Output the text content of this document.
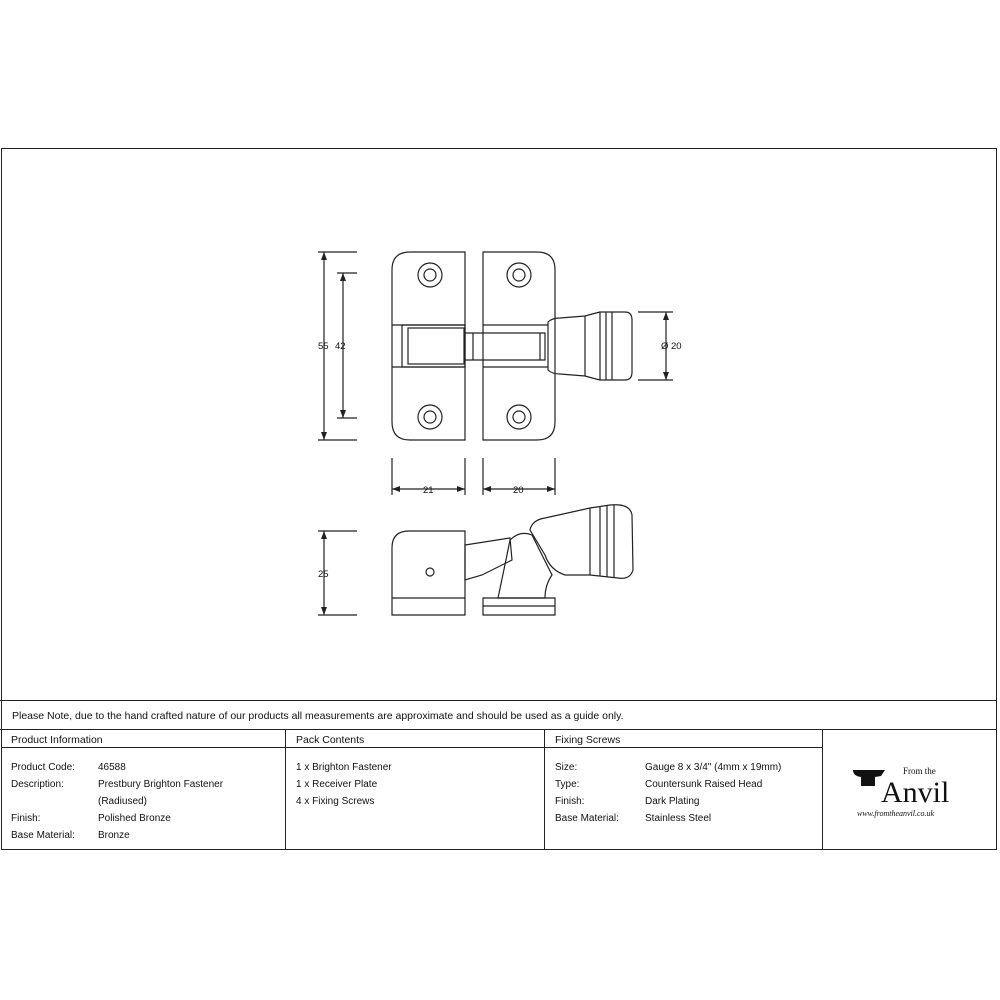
55 42	Ø 20
21	20
25
Please Note, due to the hand crafted nature of our products all measurements are approximate and should be used as a guide only.
Product Information
Product Code:	46588
Description:	Prestbury Brighton Fastener
(Radiused)
Finish:	Polished Bronze
Base Material:	Bronze
Pack Contents
1 x Brighton Fastener
1 x Receiver Plate
4 x Fixing Screws
Fixing Screws
Size:	Gauge 8 x 3/4" (4mm x 19mm)
Type:	Countersunk Raised Head
Finish:	Dark Plating
Base Material:	Stainless Steel
From the
Anvil
www.fromtheanvil.co.uk
